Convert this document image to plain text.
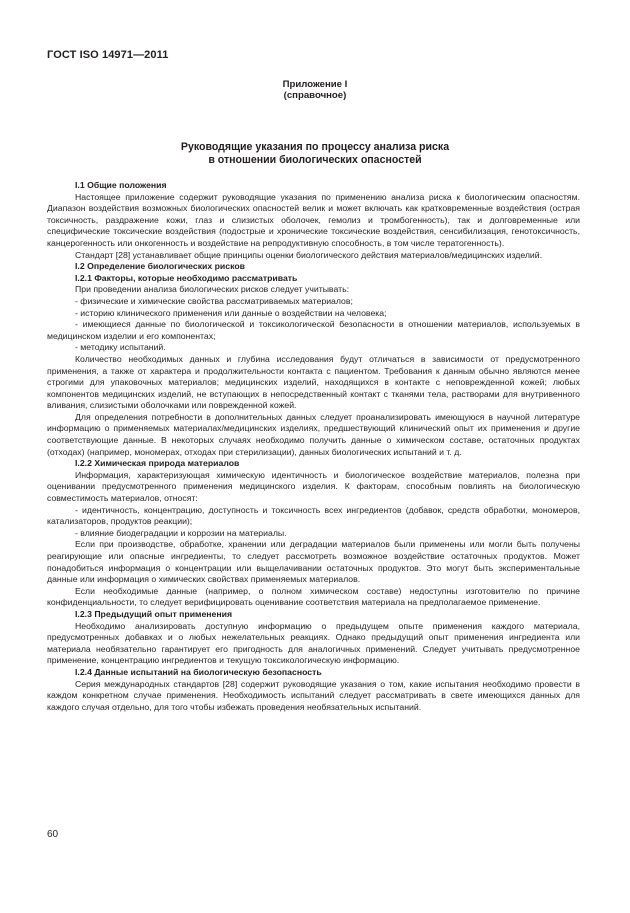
ГОСТ ISO 14971—2011
Приложение I
(справочное)
Руководящие указания по процессу анализа риска
в отношении биологических опасностей

I.1 Общие положения

Настоящее приложение содержит руководящие указания по применению анализа риска к биологическим опасностям. Диапазон воздействия возможных биологических опасностей велик и может включать как кратковременные воздействия (острая токсичность, раздражение кожи, глаз и слизистых оболочек, гемолиз и тромбогенность), так и долговременные или специфические токсические воздействия (подострые и хронические токсические воздействия, сенсибилизация, генотоксичность, канцерогенность или онкогенность и воздействие на репродуктивную способность, в том числе тератогенность).

Стандарт [28] устанавливает общие принципы оценки биологического действия материалов/медицинских изделий.

I.2 Определение биологических рисков

I.2.1 Факторы, которые необходимо рассматривать

При проведении анализа биологических рисков следует учитывать:

- физические и химические свойства рассматриваемых материалов;

- историю клинического применения или данные о воздействии на человека;

- имеющиеся данные по биологической и токсикологической безопасности в отношении материалов, используемых в медицинском изделии и его компонентах;

- методику испытаний.

Количество необходимых данных и глубина исследования будут отличаться в зависимости от предусмотренного применения, а также от характера и продолжительности контакта с пациентом. Требования к данным обычно являются менее строгими для упаковочных материалов; медицинских изделий, находящихся в контакте с неповрежденной кожей; любых компонентов медицинских изделий, не вступающих в непосредственный контакт с тканями тела, растворами для внутривенного вливания, слизистыми оболочками или поврежденной кожей.

Для определения потребности в дополнительных данных следует проанализировать имеющуюся в научной литературе информацию о применяемых материалах/медицинских изделиях, предшествующий клинический опыт их применения и другие соответствующие данные. В некоторых случаях необходимо получить данные о химическом составе, остаточных продуктах (отходах) (например, мономерах, отходах при стерилизации), данных биологических испытаний и т. д.

I.2.2 Химическая природа материалов

Информация, характеризующая химическую идентичность и биологическое воздействие материалов, полезна при оценивании предусмотренного применения медицинского изделия. К факторам, способным повлиять на биологическую совместимость материалов, относят:

- идентичность, концентрацию, доступность и токсичность всех ингредиентов (добавок, средств обработки, мономеров, катализаторов, продуктов реакции);

- влияние биодеградации и коррозии на материалы.

Если при производстве, обработке, хранении или деградации материалов были применены или могли быть получены реагирующие или опасные ингредиенты, то следует рассмотреть возможное воздействие остаточных продуктов. Может понадобиться информация о концентрации или выщелачивании остаточных продуктов. Это могут быть экспериментальные данные или информация о химических свойствах применяемых материалов.

Если необходимые данные (например, о полном химическом составе) недоступны изготовителю по причине конфиденциальности, то следует верифицировать оценивание соответствия материала на предполагаемое применение.

I.2.3 Предыдущий опыт применения

Необходимо анализировать доступную информацию о предыдущем опыте применения каждого материала, предусмотренных добавках и о любых нежелательных реакциях. Однако предыдущий опыт применения ингредиента или материала необязательно гарантирует его пригодность для аналогичных применений. Следует учитывать предусмотренное применение, концентрацию ингредиентов и текущую токсикологическую информацию.

I.2.4 Данные испытаний на биологическую безопасность

Серия международных стандартов [28] содержит руководящие указания о том, какие испытания необходимо провести в каждом конкретном случае применения. Необходимость испытаний следует рассматривать в свете имеющихся данных для каждого случая отдельно, для того чтобы избежать проведения необязательных испытаний.

60
